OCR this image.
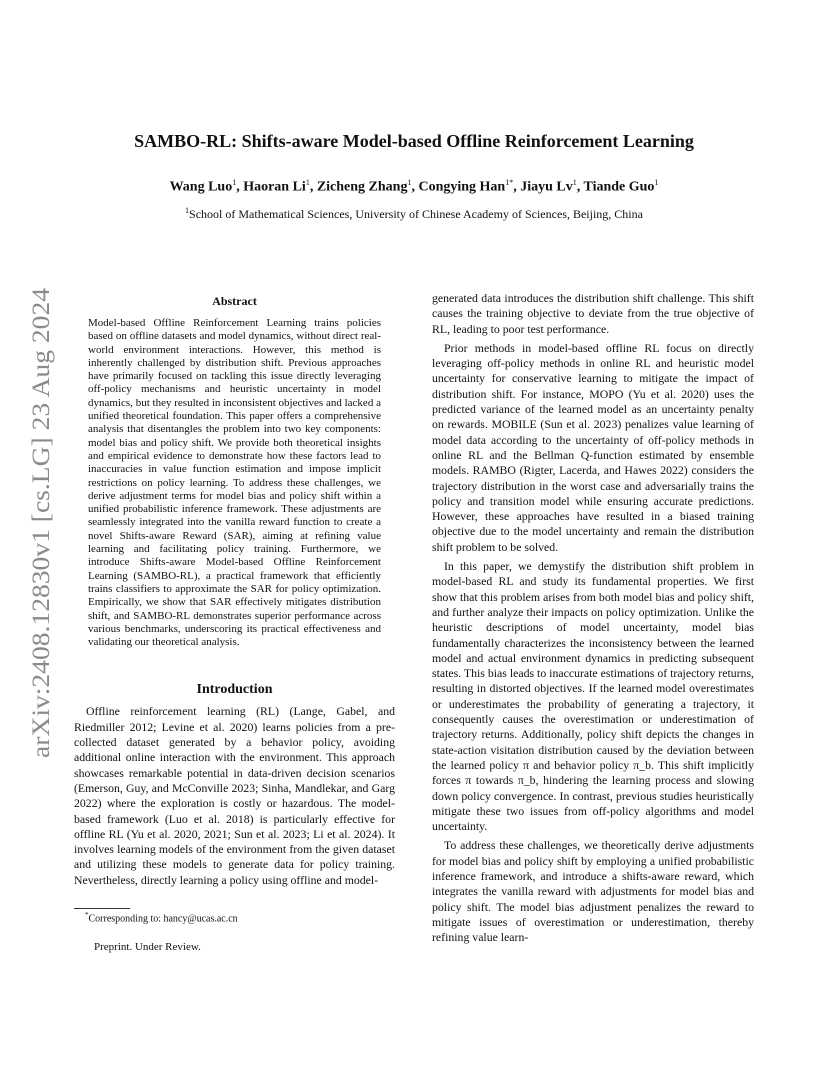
arXiv:2408.12830v1 [cs.LG] 23 Aug 2024
SAMBO-RL: Shifts-aware Model-based Offline Reinforcement Learning

Wang Luo$^1$, Haoran Li$^1$, Zicheng Zhang$^1$, Congying Han$^{1*}$, Jiayu Lv$^1$, Tiande Guo$^1$

$^1$School of Mathematical Sciences, University of Chinese Academy of Sciences, Beijing, China

Abstract

Model-based Offline Reinforcement Learning trains policies based on offline datasets and model dynamics, without direct real-world environment interactions. However, this method is inherently challenged by distribution shift. Previous approaches have primarily focused on tackling this issue directly leveraging off-policy mechanisms and heuristic uncertainty in model dynamics, but they resulted in inconsistent objectives and lacked a unified theoretical foundation. This paper offers a comprehensive analysis that disentangles the problem into two key components: model bias and policy shift. We provide both theoretical insights and empirical evidence to demonstrate how these factors lead to inaccuracies in value function estimation and impose implicit restrictions on policy learning. To address these challenges, we derive adjustment terms for model bias and policy shift within a unified probabilistic inference framework. These adjustments are seamlessly integrated into the vanilla reward function to create a novel Shifts-aware Reward (SAR), aiming at refining value learning and facilitating policy training. Furthermore, we introduce Shifts-aware Model-based Offline Reinforcement Learning (SAMBO-RL), a practical framework that efficiently trains classifiers to approximate the SAR for policy optimization. Empirically, we show that SAR effectively mitigates distribution shift, and SAMBO-RL demonstrates superior performance across various benchmarks, underscoring its practical effectiveness and validating our theoretical analysis.

Introduction

Offline reinforcement learning (RL) (Lange, Gabel, and Riedmiller 2012; Levine et al. 2020) learns policies from a pre-collected dataset generated by a behavior policy, avoiding additional online interaction with the environment. This approach showcases remarkable potential in data-driven decision scenarios (Emerson, Guy, and McConville 2023; Sinha, Mandlekar, and Garg 2022) where the exploration is costly or hazardous. The model-based framework (Luo et al. 2018) is particularly effective for offline RL (Yu et al. 2020, 2021; Sun et al. 2023; Li et al. 2024). It involves learning models of the environment from the given dataset and utilizing these models to generate data for policy training. Nevertheless, directly learning a policy using offline and model-

generated data introduces the distribution shift challenge. This shift causes the training objective to deviate from the true objective of RL, leading to poor test performance.

Prior methods in model-based offline RL focus on directly leveraging off-policy methods in online RL and heuristic model uncertainty for conservative learning to mitigate the impact of distribution shift. For instance, MOPO (Yu et al. 2020) uses the predicted variance of the learned model as an uncertainty penalty on rewards. MOBILE (Sun et al. 2023) penalizes value learning of model data according to the uncertainty of off-policy methods in online RL and the Bellman Q-function estimated by ensemble models. RAMBO (Rigter, Lacerda, and Hawes 2022) considers the trajectory distribution in the worst case and adversarially trains the policy and transition model while ensuring accurate predictions. However, these approaches have resulted in a biased training objective due to the model uncertainty and remain the distribution shift problem to be solved.

In this paper, we demystify the distribution shift problem in model-based RL and study its fundamental properties. We first show that this problem arises from both model bias and policy shift, and further analyze their impacts on policy optimization. Unlike the heuristic descriptions of model uncertainty, model bias fundamentally characterizes the inconsistency between the learned model and actual environment dynamics in predicting subsequent states. This bias leads to inaccurate estimations of trajectory returns, resulting in distorted objectives. If the learned model overestimates or underestimates the probability of generating a trajectory, it consequently causes the overestimation or underestimation of trajectory returns. Additionally, policy shift depicts the changes in state-action visitation distribution caused by the deviation between the learned policy π and behavior policy π_b. This shift implicitly forces π towards π_b, hindering the learning process and slowing down policy convergence. In contrast, previous studies heuristically mitigate these two issues from off-policy algorithms and model uncertainty.

To address these challenges, we theoretically derive adjustments for model bias and policy shift by employing a unified probabilistic inference framework, and introduce a shifts-aware reward, which integrates the vanilla reward with adjustments for model bias and policy shift. The model bias adjustment penalizes the reward to mitigate issues of overestimation or underestimation, thereby refining value learn-

*Corresponding to: hancy@ucas.ac.cn
Preprint. Under Review.
